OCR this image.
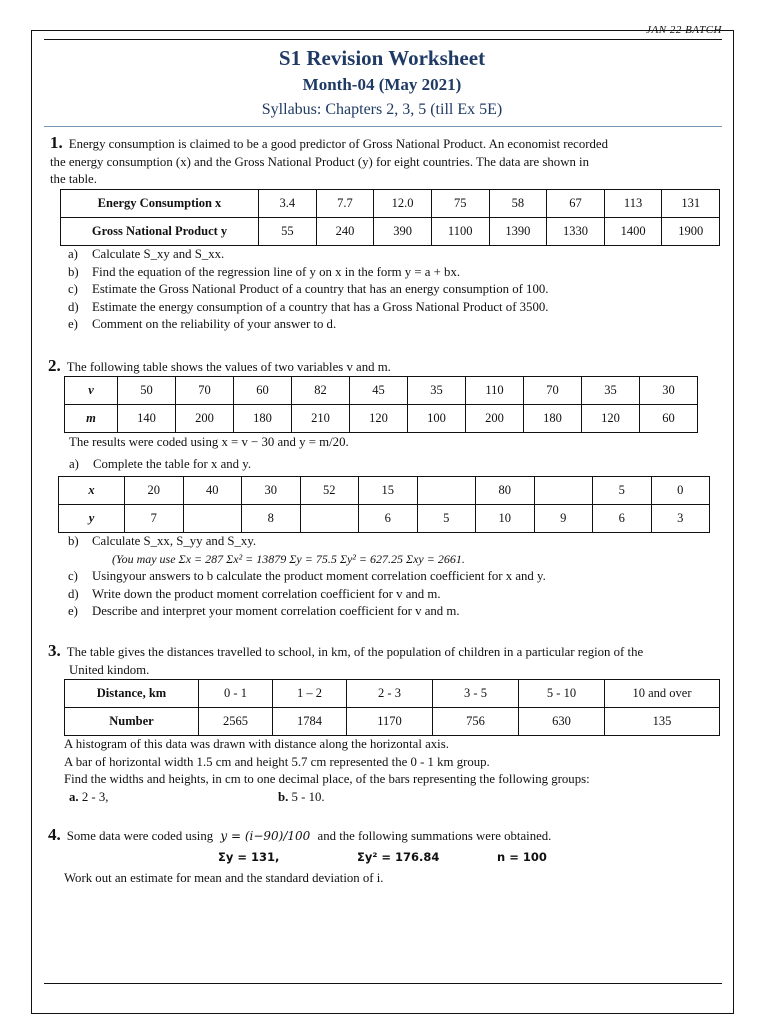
JAN 22 BATCH
S1 Revision Worksheet
Month-04 (May 2021)
Syllabus: Chapters 2, 3, 5 (till Ex 5E)
1. Energy consumption is claimed to be a good predictor of Gross National Product. An economist recorded
the energy consumption (x) and the Gross National Product (y) for eight countries. The data are shown in
the table.
Energy Consumption x	3.4	7.7	12.0	75	58	67	113	131
Gross National Product y	55	240	390	1100	1390	1330	1400	1900
a) Calculate S_xy and S_xx.
b) Find the equation of the regression line of y on x in the form y = a + bx.
c) Estimate the Gross National Product of a country that has an energy consumption of 100.
d) Estimate the energy consumption of a country that has a Gross National Product of 3500.
e) Comment on the reliability of your answer to d.
2. The following table shows the values of two variables v and m.
v	50	70	60	82	45	35	110	70	35	30
m	140	200	180	210	120	100	200	180	120	60
The results were coded using x = v − 30 and y = m/20.
a) Complete the table for x and y.
x	20	40	30	52	15		80		5	0
y	7		8		6	5	10	9	6	3
b) Calculate S_xx, S_yy and S_xy.
(You may use Σx = 287 Σx² = 13879 Σy = 75.5 Σy² = 627.25 Σxy = 2661.
c) Usingyour answers to b calculate the product moment correlation coefficient for x and y.
d) Write down the product moment correlation coefficient for v and m.
e) Describe and interpret your moment correlation coefficient for v and m.
3. The table gives the distances travelled to school, in km, of the population of children in a particular region of the
United kindom.
Distance, km	0 - 1	1 – 2	2 - 3	3 - 5	5 - 10	10 and over
Number	2565	1784	1170	756	630	135
A histogram of this data was drawn with distance along the horizontal axis.
A bar of horizontal width 1.5 cm and height 5.7 cm represented the 0 - 1 km group.
Find the widths and heights, in cm to one decimal place, of the bars representing the following groups:
a. 2 - 3,	b. 5 - 10.
4. Some data were coded using y = (i−90)/100 and the following summations were obtained.
Σy = 131,	Σy² = 176.84	n = 100
Work out an estimate for mean and the standard deviation of i.
